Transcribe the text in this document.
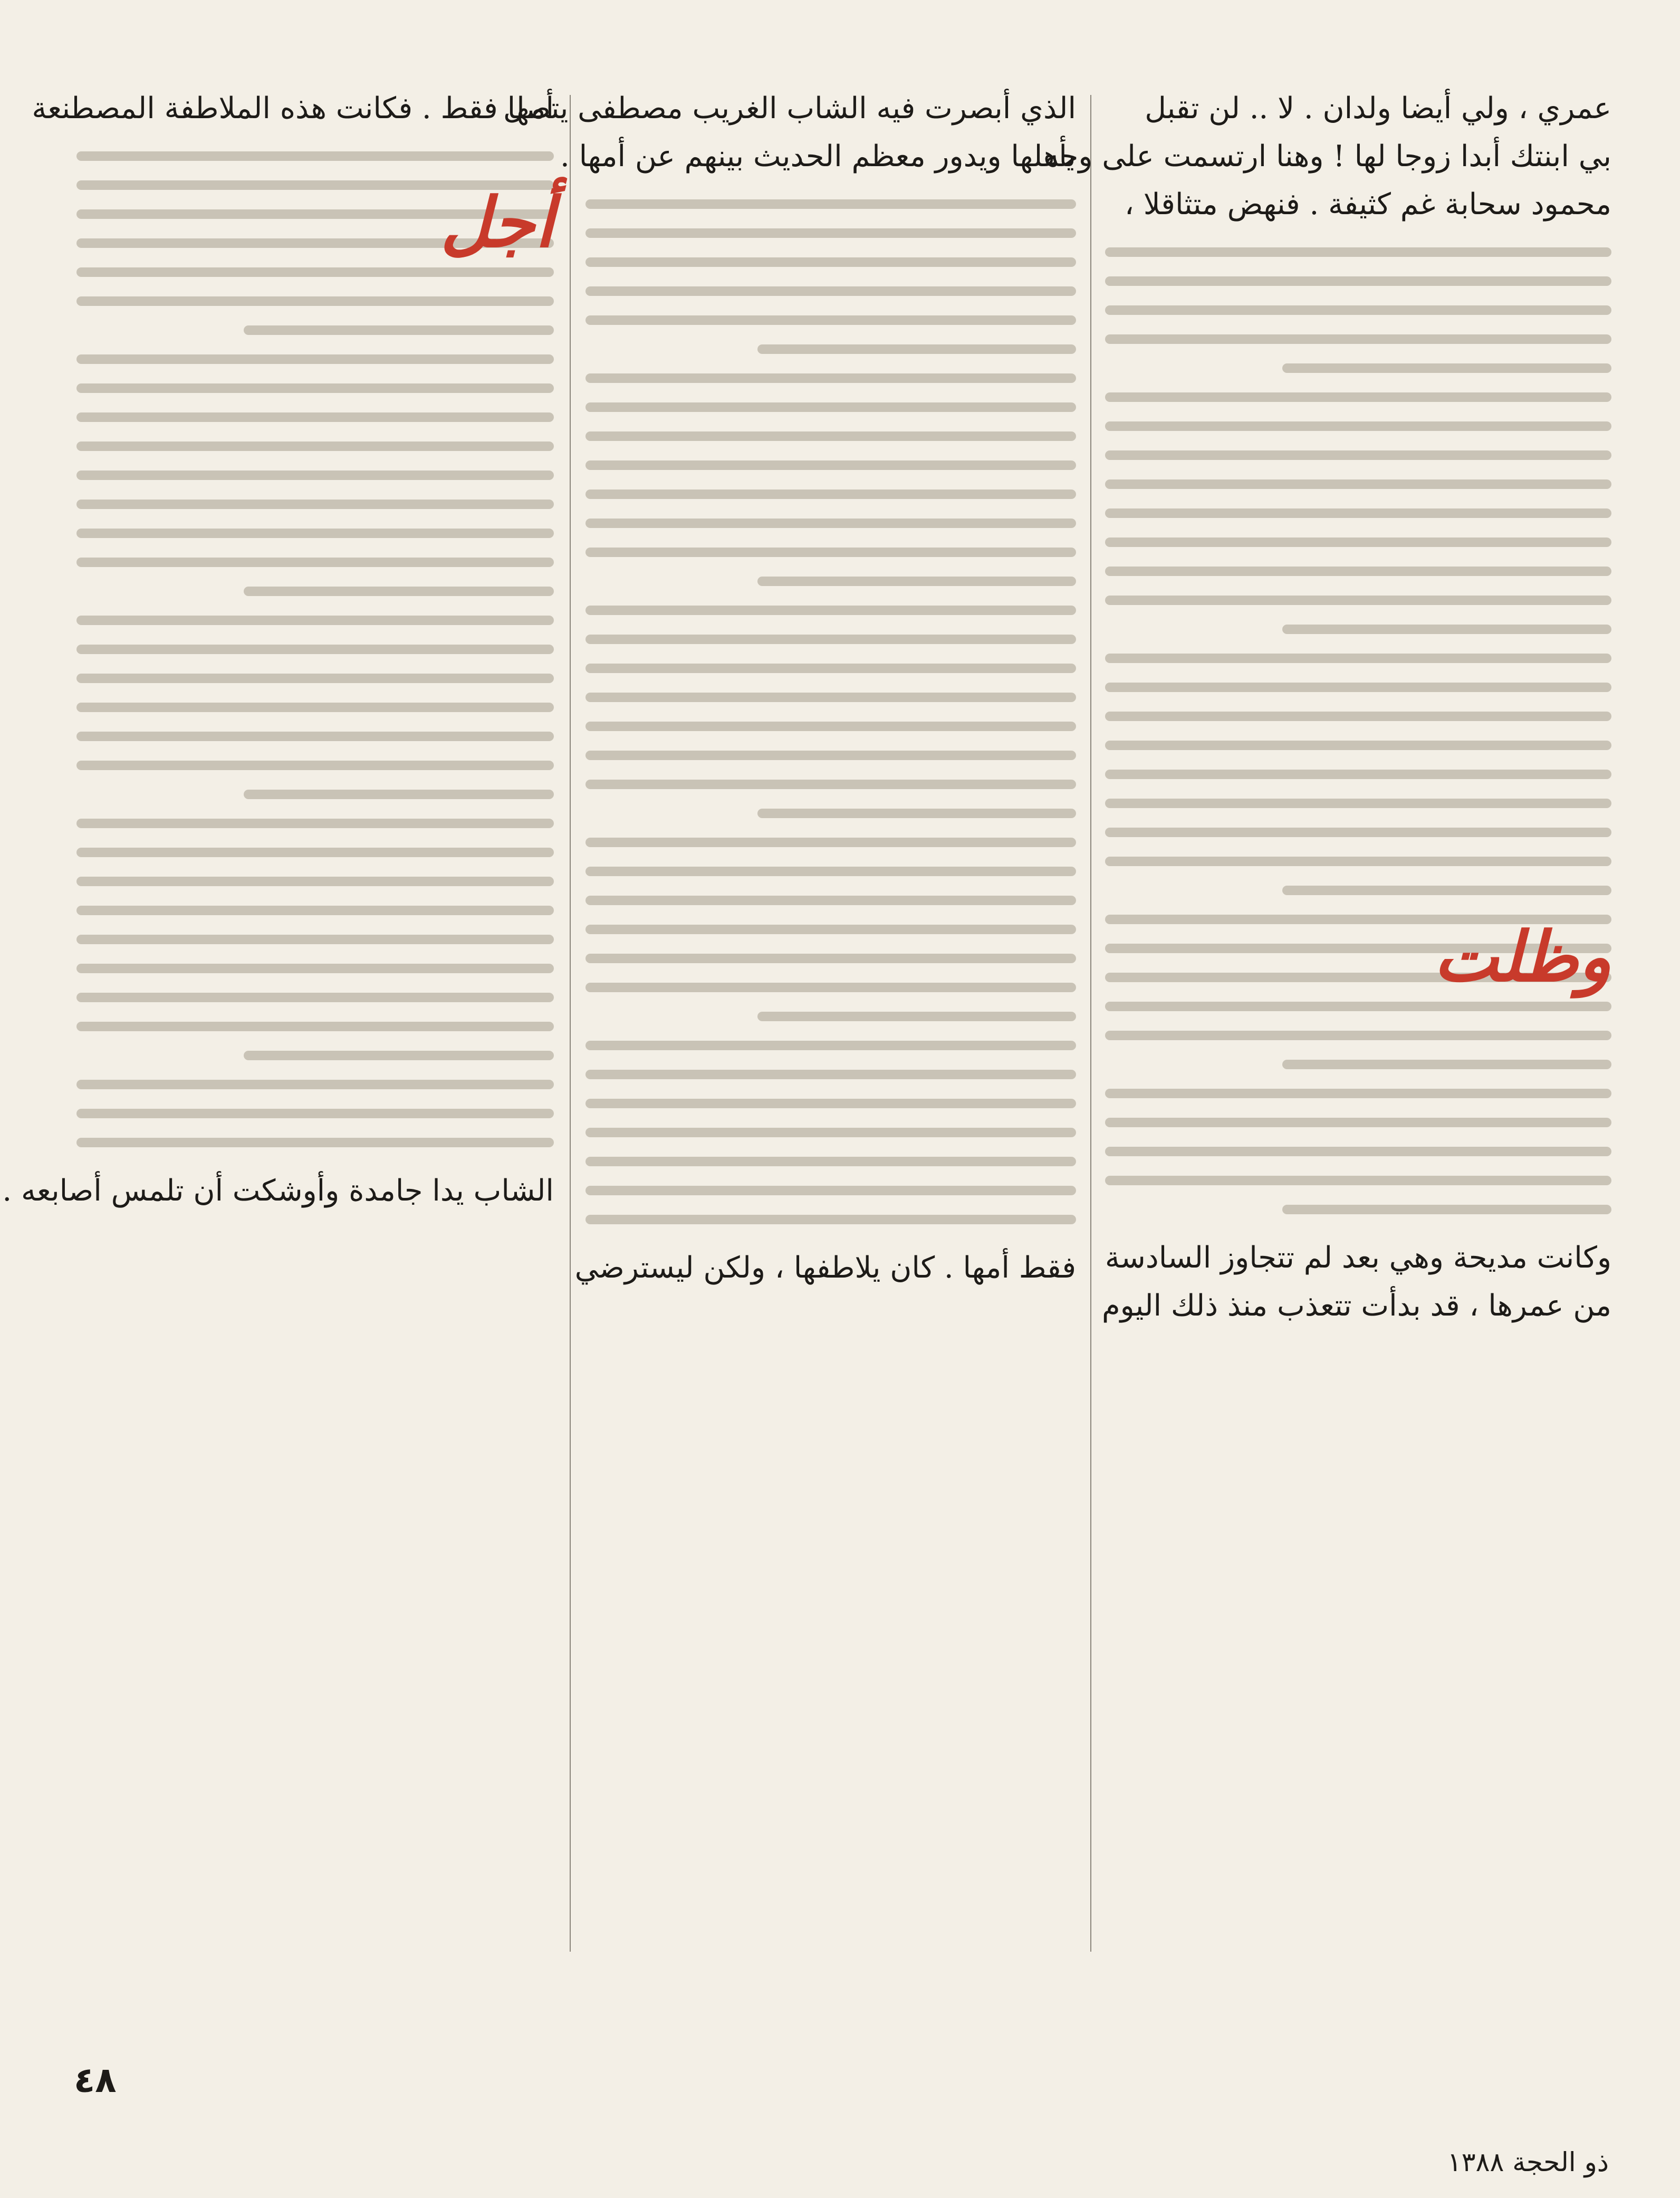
عمري ، ولي أيضا ولدان . لا .. لن تقبل

بي ابنتك أبدا زوجا لها ! وهنا ارتسمت على وجه

محمود سحابة غم كثيفة . فنهض متثاقلا ،

وظلت

وكانت مديحة وهي بعد لم تتجاوز السادسة

من عمرها ، قد بدأت تتعذب منذ ذلك اليوم

الذي أبصرت فيه الشاب الغريب مصطفى يتصل

بأهلها ويدور معظم الحديث بينهم عن أمها .

فقط أمها . كان يلاطفها ، ولكن ليسترضي

أمها فقط . فكانت هذه الملاطفة المصطنعة

أجل

الشاب يدا جامدة وأوشكت أن تلمس أصابعه .

٤٨
ذو الحجة ١٣٨٨
